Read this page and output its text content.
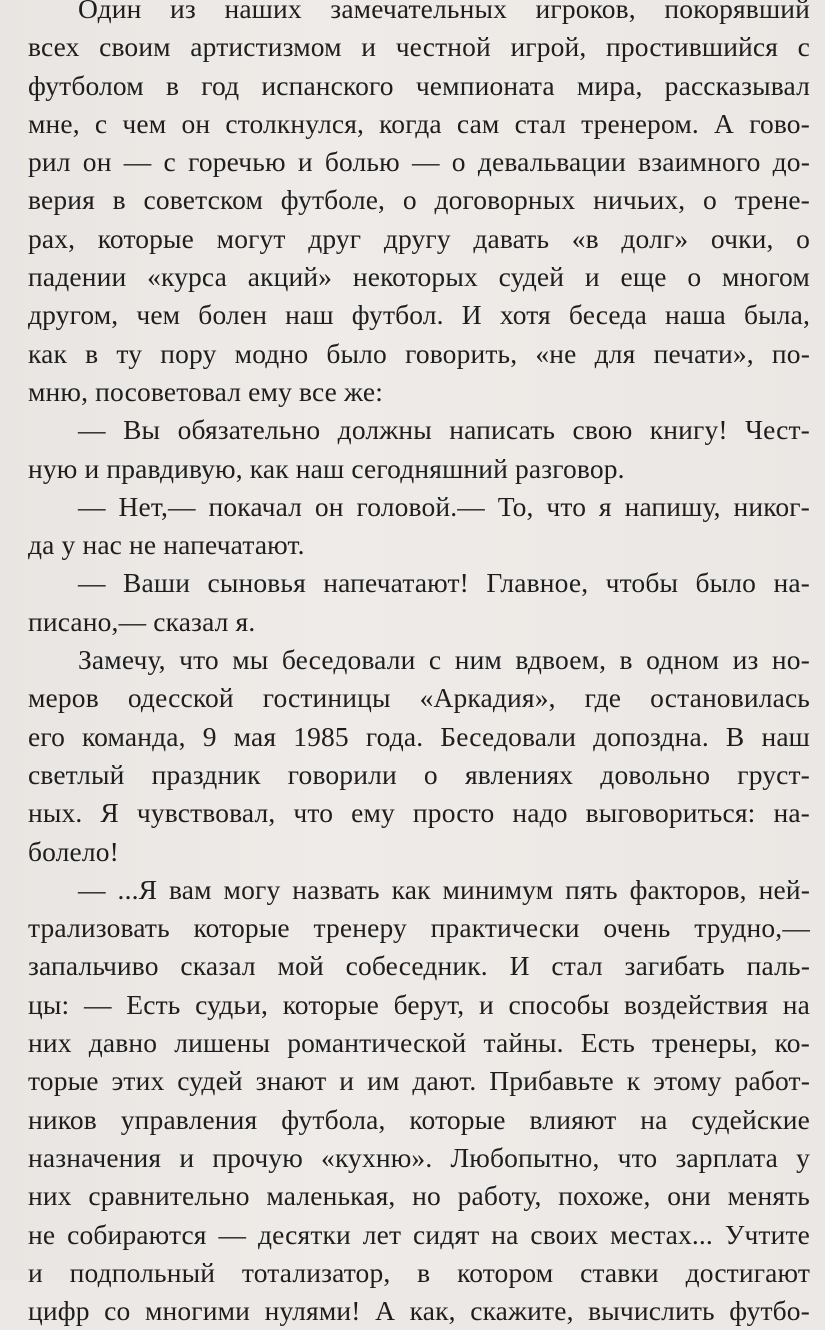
Один из наших замечательных игроков, покорявший
всех своим артистизмом и честной игрой, простившийся с
футболом в год испанского чемпионата мира, рассказывал
мне, с чем он столкнулся, когда сам стал тренером. А гово-
рил он — с горечью и болью — о девальвации взаимного до-
верия в советском футболе, о договорных ничьих, о трене-
рах, которые могут друг другу давать «в долг» очки, о
падении «курса акций» некоторых судей и еще о многом
другом, чем болен наш футбол. И хотя беседа наша была,
как в ту пору модно было говорить, «не для печати», по-
мню, посоветовал ему все же:
— Вы обязательно должны написать свою книгу! Чест-
ную и правдивую, как наш сегодняшний разговор.
— Нет,— покачал он головой.— То, что я напишу, никог-
да у нас не напечатают.
— Ваши сыновья напечатают! Главное, чтобы было на-
писано,— сказал я.
Замечу, что мы беседовали с ним вдвоем, в одном из но-
меров одесской гостиницы «Аркадия», где остановилась
его команда, 9 мая 1985 года. Беседовали допоздна. В наш
светлый праздник говорили о явлениях довольно груст-
ных. Я чувствовал, что ему просто надо выговориться: на-
болело!
— ...Я вам могу назвать как минимум пять факторов, ней-
трализовать которые тренеру практически очень трудно,—
запальчиво сказал мой собеседник. И стал загибать паль-
цы: — Есть судьи, которые берут, и способы воздействия на
них давно лишены романтической тайны. Есть тренеры, ко-
торые этих судей знают и им дают. Прибавьте к этому работ-
ников управления футбола, которые влияют на судейские
назначения и прочую «кухню». Любопытно, что зарплата у
них сравнительно маленькая, но работу, похоже, они менять
не собираются — десятки лет сидят на своих местах... Учтите
и подпольный тотализатор, в котором ставки достигают
цифр со многими нулями! А как, скажите, вычислить футбо-
